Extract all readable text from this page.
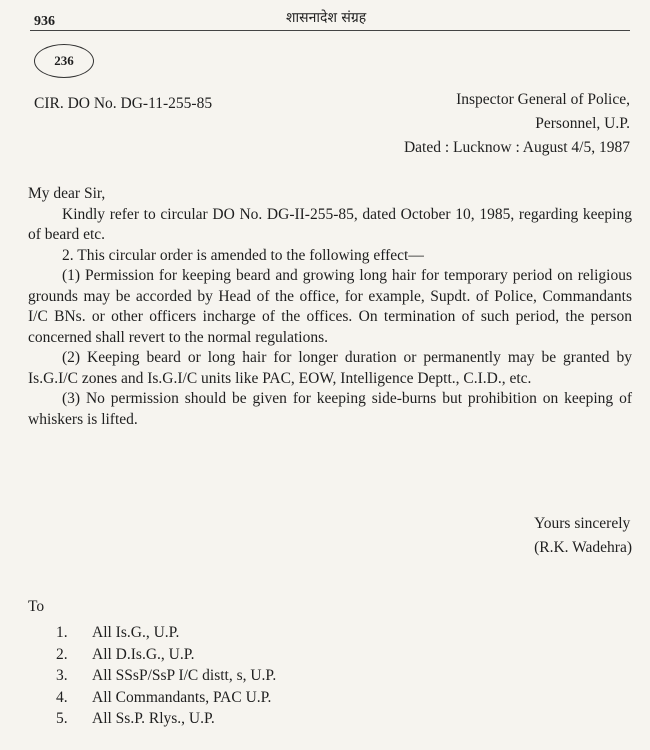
936	शासनादेश संग्रह
236
CIR. DO No. DG-11-255-85	Inspector General of Police,
Personnel, U.P.
Dated : Lucknow : August 4/5, 1987

My dear Sir,

Kindly refer to circular DO No. DG-II-255-85, dated October 10, 1985, regarding keeping of beard etc.

2. This circular order is amended to the following effect—

(1) Permission for keeping beard and growing long hair for temporary period on religious grounds may be accorded by Head of the office, for example, Supdt. of Police, Commandants I/C BNs. or other officers incharge of the offices. On termination of such period, the person concerned shall revert to the normal regulations.

(2) Keeping beard or long hair for longer duration or permanently may be granted by Is.G.I/C zones and Is.G.I/C units like PAC, EOW, Intelligence Deptt., C.I.D., etc.

(3) No permission should be given for keeping side-burns but prohibition on keeping of whiskers is lifted.

Yours sincerely
(R.K. Wadehra)
To
1.	All Is.G., U.P.
2.	All D.Is.G., U.P.
3.	All SSsP/SsP I/C distt, s, U.P.
4.	All Commandants, PAC U.P.
5.	All Ss.P. Rlys., U.P.
